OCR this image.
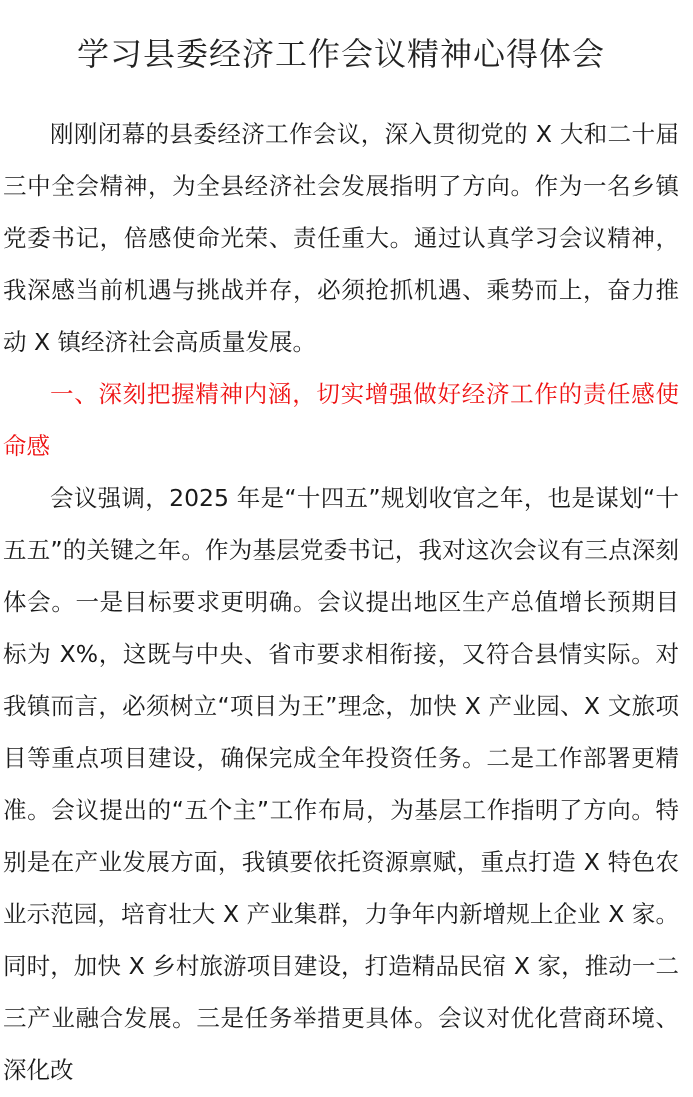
学习县委经济工作会议精神心得体会

刚刚闭幕的县委经济工作会议，深入贯彻党的 X 大和二十届三中全会精神，为全县经济社会发展指明了方向。作为一名乡镇党委书记，倍感使命光荣、责任重大。通过认真学习会议精神，我深感当前机遇与挑战并存，必须抢抓机遇、乘势而上，奋力推动 X 镇经济社会高质量发展。

一、深刻把握精神内涵，切实增强做好经济工作的责任感使命感

会议强调，2025 年是“十四五”规划收官之年，也是谋划“十五五”的关键之年。作为基层党委书记，我对这次会议有三点深刻体会。一是目标要求更明确。会议提出地区生产总值增长预期目标为 X%，这既与中央、省市要求相衔接，又符合县情实际。对我镇而言，必须树立“项目为王”理念，加快 X 产业园、X 文旅项目等重点项目建设，确保完成全年投资任务。二是工作部署更精准。会议提出的“五个主”工作布局，为基层工作指明了方向。特别是在产业发展方面，我镇要依托资源禀赋，重点打造 X 特色农业示范园，培育壮大 X 产业集群，力争年内新增规上企业 X 家。同时，加快 X 乡村旅游项目建设，打造精品民宿 X 家，推动一二三产业融合发展。三是任务举措更具体。会议对优化营商环境、深化改
